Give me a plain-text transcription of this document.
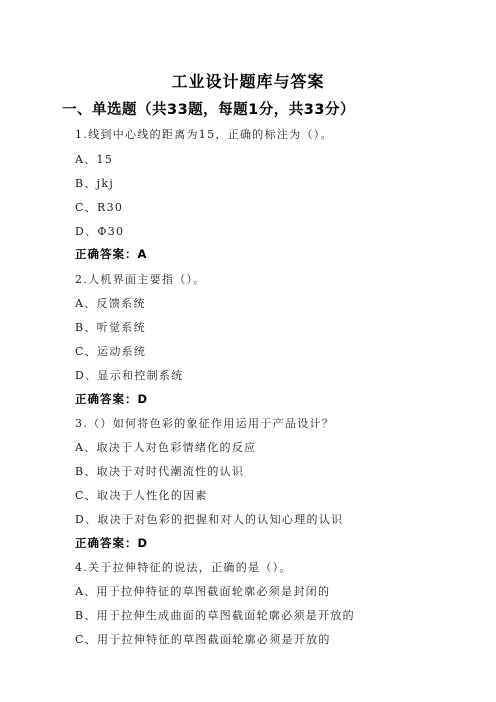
工业设计题库与答案
一、单选题（共33题，每题1分，共33分）
1.线到中心线的距离为15，正确的标注为（）。
A、15
B、jkj
C、R30
D、Φ30
正确答案：A
2.人机界面主要指（）。
A、反馈系统
B、听觉系统
C、运动系统
D、显示和控制系统
正确答案：D
3.（）如何将色彩的象征作用运用于产品设计？
A、取决于人对色彩情绪化的反应
B、取决于对时代潮流性的认识
C、取决于人性化的因素
D、取决于对色彩的把握和对人的认知心理的认识
正确答案：D
4.关于拉伸特征的说法，正确的是（）。
A、用于拉伸特征的草图截面轮廓必须是封闭的
B、用于拉伸生成曲面的草图截面轮廓必须是开放的
C、用于拉伸特征的草图截面轮廓必须是开放的
